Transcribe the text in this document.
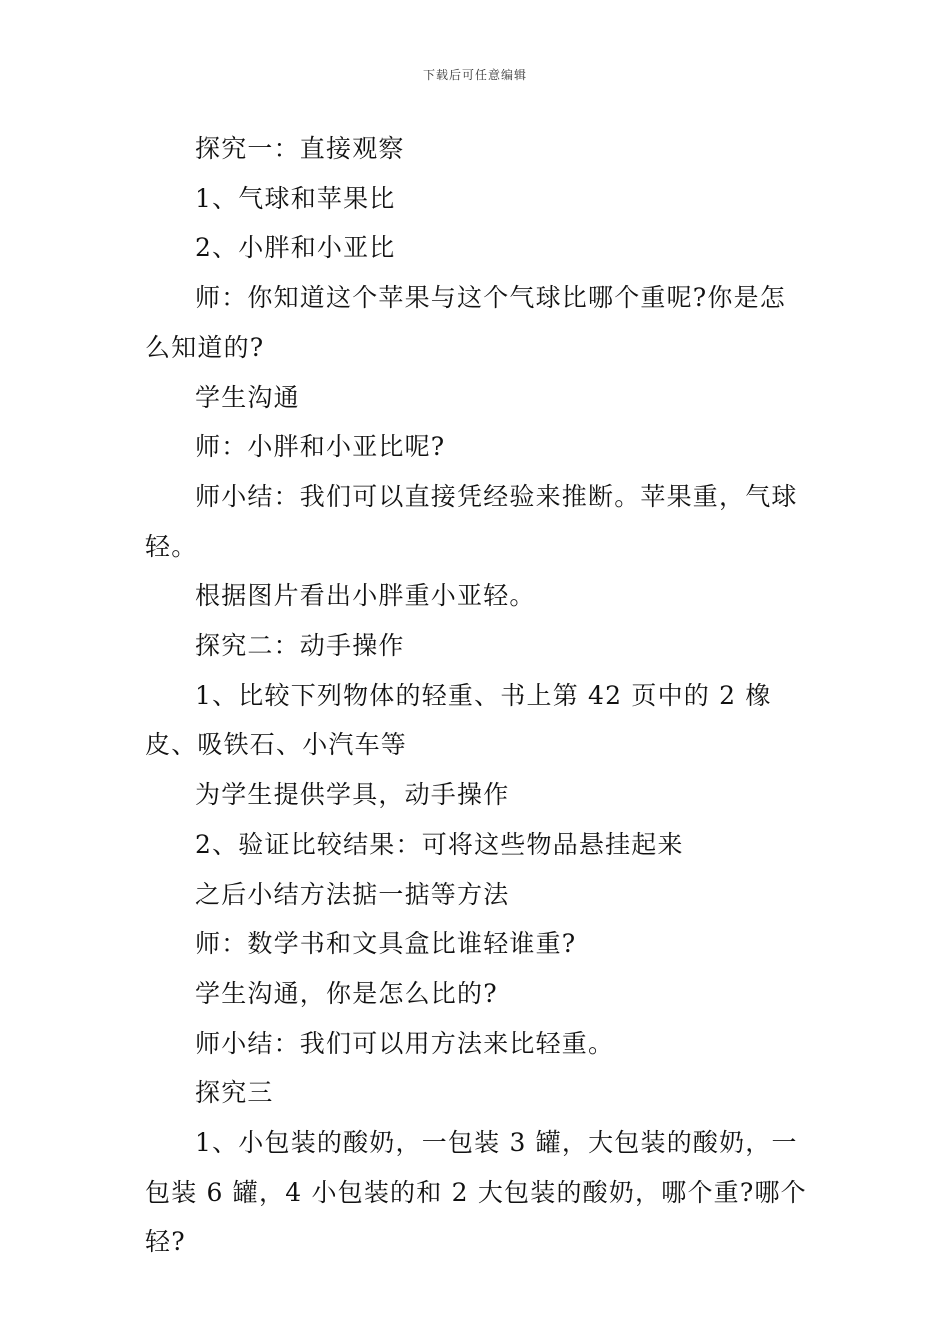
下载后可任意编辑

探究一：直接观察

1、气球和苹果比

2、小胖和小亚比

师：你知道这个苹果与这个气球比哪个重呢?你是怎么知道的?

学生沟通

师：小胖和小亚比呢?

师小结：我们可以直接凭经验来推断。苹果重，气球轻。

根据图片看出小胖重小亚轻。

探究二：动手操作

1、比较下列物体的轻重、书上第 42 页中的 2 橡皮、吸铁石、小汽车等

为学生提供学具，动手操作

2、验证比较结果：可将这些物品悬挂起来

之后小结方法掂一掂等方法

师：数学书和文具盒比谁轻谁重?

学生沟通，你是怎么比的?

师小结：我们可以用方法来比轻重。

探究三

1、小包装的酸奶，一包装 3 罐，大包装的酸奶，一包装 6 罐，4 小包装的和 2 大包装的酸奶，哪个重?哪个轻?
